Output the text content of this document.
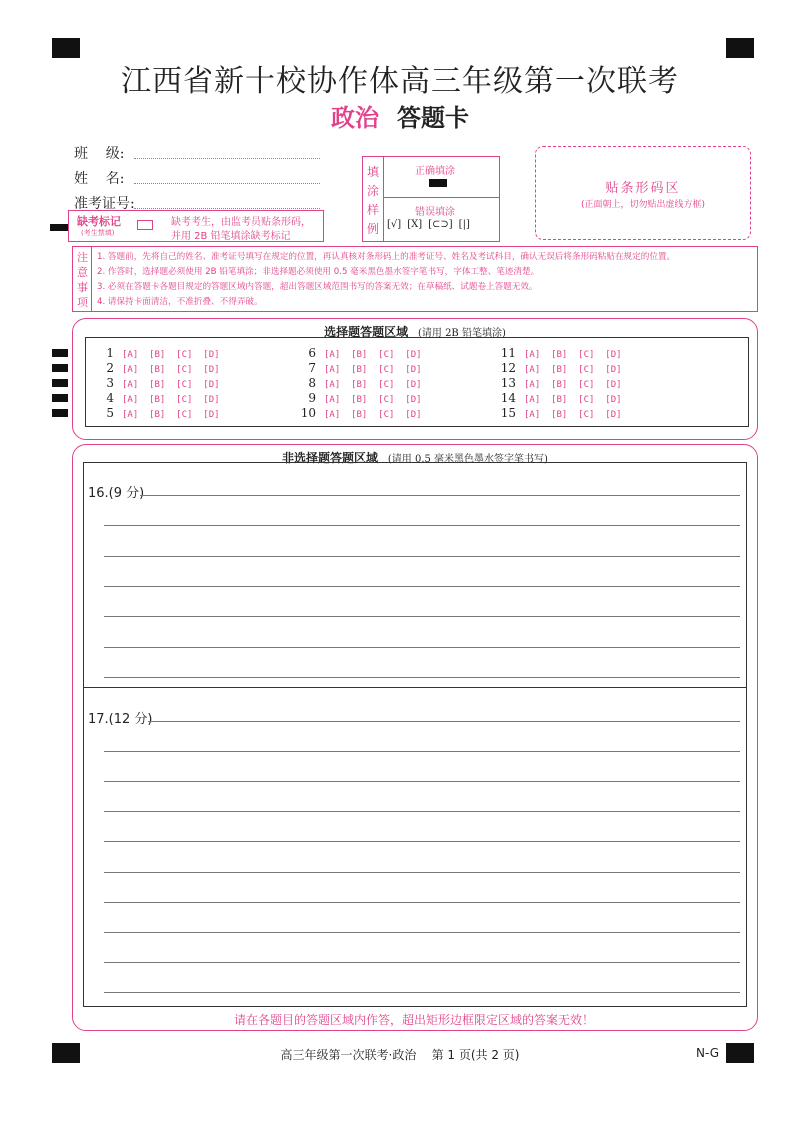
江西省新十校协作体高三年级第一次联考
政治 答题卡
班    级:
姓    名:
准考证号:
缺考标记
(考生禁填)
缺考考生，由监考员贴条形码，
并用 2B 铅笔填涂缺考标记
填
涂
样
例
正确填涂
错误填涂
[√] [X] [⊂⊃] [|]
贴条形码区
(正面朝上，切勿贴出虚线方框)
注
意
事
项
1. 答题前，先将自己的姓名、准考证号填写在规定的位置，再认真核对条形码上的准考证号、姓名及考试科目，确认无误后将条形码粘贴在规定的位置。
2. 作答时，选择题必须使用 2B 铅笔填涂；非选择题必须使用 0.5 毫米黑色墨水签字笔书写，字体工整、笔迹清楚。
3. 必须在答题卡各题目规定的答题区域内答题，超出答题区域范围书写的答案无效；在草稿纸、试题卷上答题无效。
4. 请保持卡面清洁，不准折叠、不得弄破。
选择题答题区域 (请用 2B 铅笔填涂)
1 [A]  [B]  [C]  [D]
2 [A]  [B]  [C]  [D]
3 [A]  [B]  [C]  [D]
4 [A]  [B]  [C]  [D]
5 [A]  [B]  [C]  [D]
6 [A]  [B]  [C]  [D]
7 [A]  [B]  [C]  [D]
8 [A]  [B]  [C]  [D]
9 [A]  [B]  [C]  [D]
10 [A]  [B]  [C]  [D]
11 [A]  [B]  [C]  [D]
12 [A]  [B]  [C]  [D]
13 [A]  [B]  [C]  [D]
14 [A]  [B]  [C]  [D]
15 [A]  [B]  [C]  [D]
非选择题答题区域 (请用 0.5 毫米黑色墨水签字笔书写)
16.(9 分)
17.(12 分)
请在各题目的答题区域内作答，超出矩形边框限定区域的答案无效！
高三年级第一次联考·政治    第 1 页(共 2 页)	N-G
